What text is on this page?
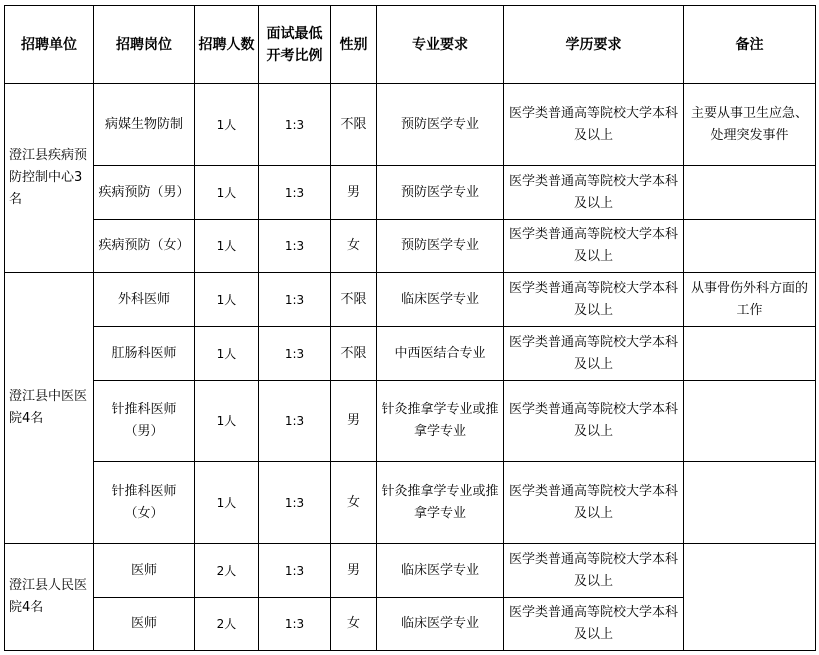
招聘单位	招聘岗位	招聘人数	面试最低开考比例	性别	专业要求	学历要求	备注
澄江县疾病预防控制中心3名	病媒生物防制	1人	1:3	不限	预防医学专业	医学类普通高等院校大学本科及以上	主要从事卫生应急、处理突发事件
	疾病预防（男）	1人	1:3	男	预防医学专业	医学类普通高等院校大学本科及以上	
	疾病预防（女）	1人	1:3	女	预防医学专业	医学类普通高等院校大学本科及以上	
澄江县中医医院4名	外科医师	1人	1:3	不限	临床医学专业	医学类普通高等院校大学本科及以上	从事骨伤外科方面的工作
	肛肠科医师	1人	1:3	不限	中西医结合专业	医学类普通高等院校大学本科及以上	
	针推科医师（男）	1人	1:3	男	针灸推拿学专业或推拿学专业	医学类普通高等院校大学本科及以上	
	针推科医师（女）	1人	1:3	女	针灸推拿学专业或推拿学专业	医学类普通高等院校大学本科及以上	
澄江县人民医院4名	医师	2人	1:3	男	临床医学专业	医学类普通高等院校大学本科及以上	
	医师	2人	1:3	女	临床医学专业	医学类普通高等院校大学本科及以上	
